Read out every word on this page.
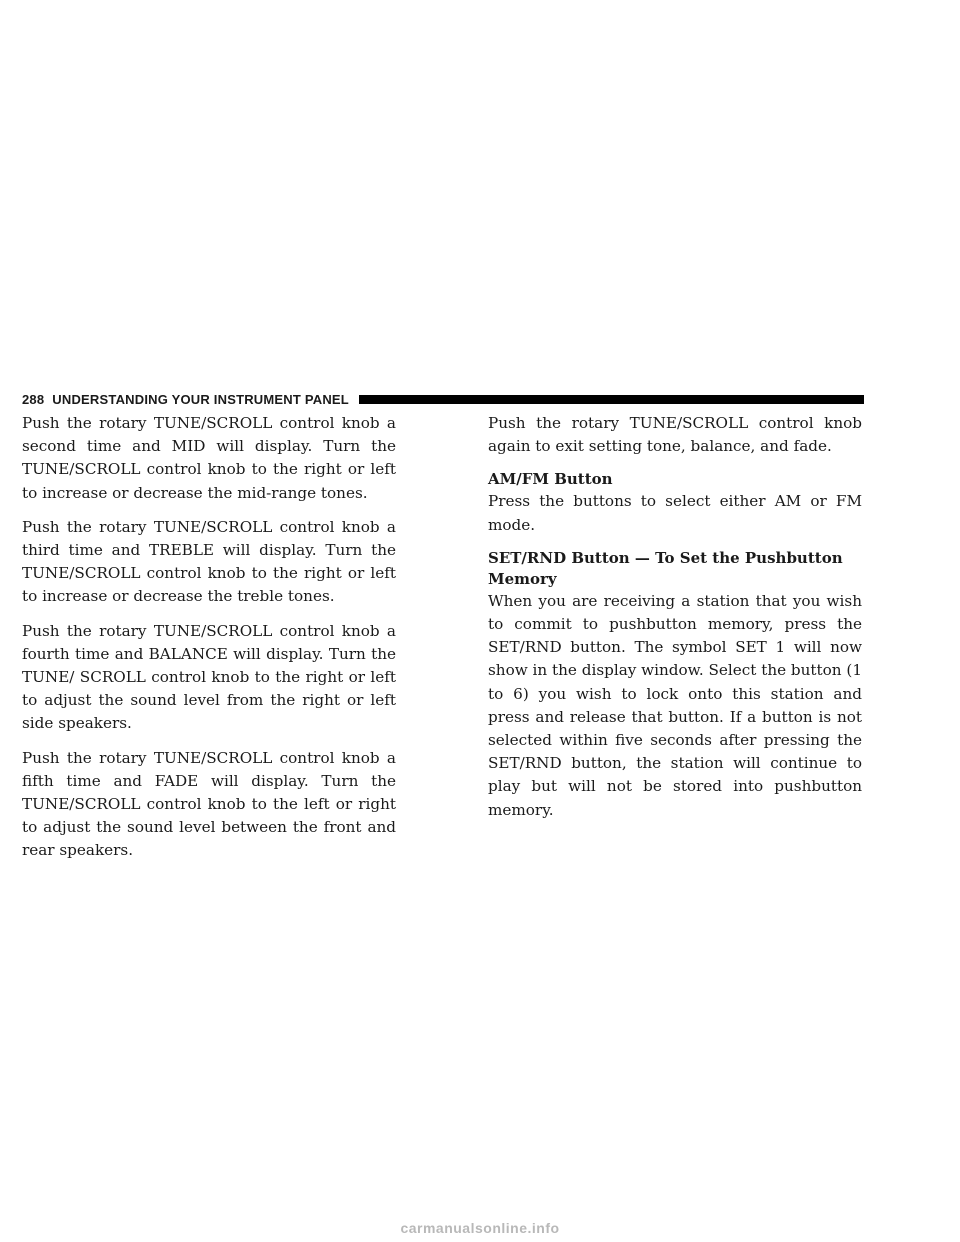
288 UNDERSTANDING YOUR INSTRUMENT PANEL

Push the rotary TUNE/SCROLL control knob a second time and MID will display. Turn the TUNE/SCROLL control knob to the right or left to increase or decrease the mid-range tones.

Push the rotary TUNE/SCROLL control knob a third time and TREBLE will display. Turn the TUNE/SCROLL control knob to the right or left to increase or decrease the treble tones.

Push the rotary TUNE/SCROLL control knob a fourth time and BALANCE will display. Turn the TUNE/ SCROLL control knob to the right or left to adjust the sound level from the right or left side speakers.

Push the rotary TUNE/SCROLL control knob a fifth time and FADE will display. Turn the TUNE/SCROLL control knob to the left or right to adjust the sound level between the front and rear speakers.

Push the rotary TUNE/SCROLL control knob again to exit setting tone, balance, and fade.

AM/FM Button

Press the buttons to select either AM or FM mode.

SET/RND Button — To Set the Pushbutton Memory

When you are receiving a station that you wish to commit to pushbutton memory, press the SET/RND button. The symbol SET 1 will now show in the display window. Select the button (1 to 6) you wish to lock onto this station and press and release that button. If a button is not selected within five seconds after pressing the SET/RND button, the station will continue to play but will not be stored into pushbutton memory.

carmanualsonline.info
